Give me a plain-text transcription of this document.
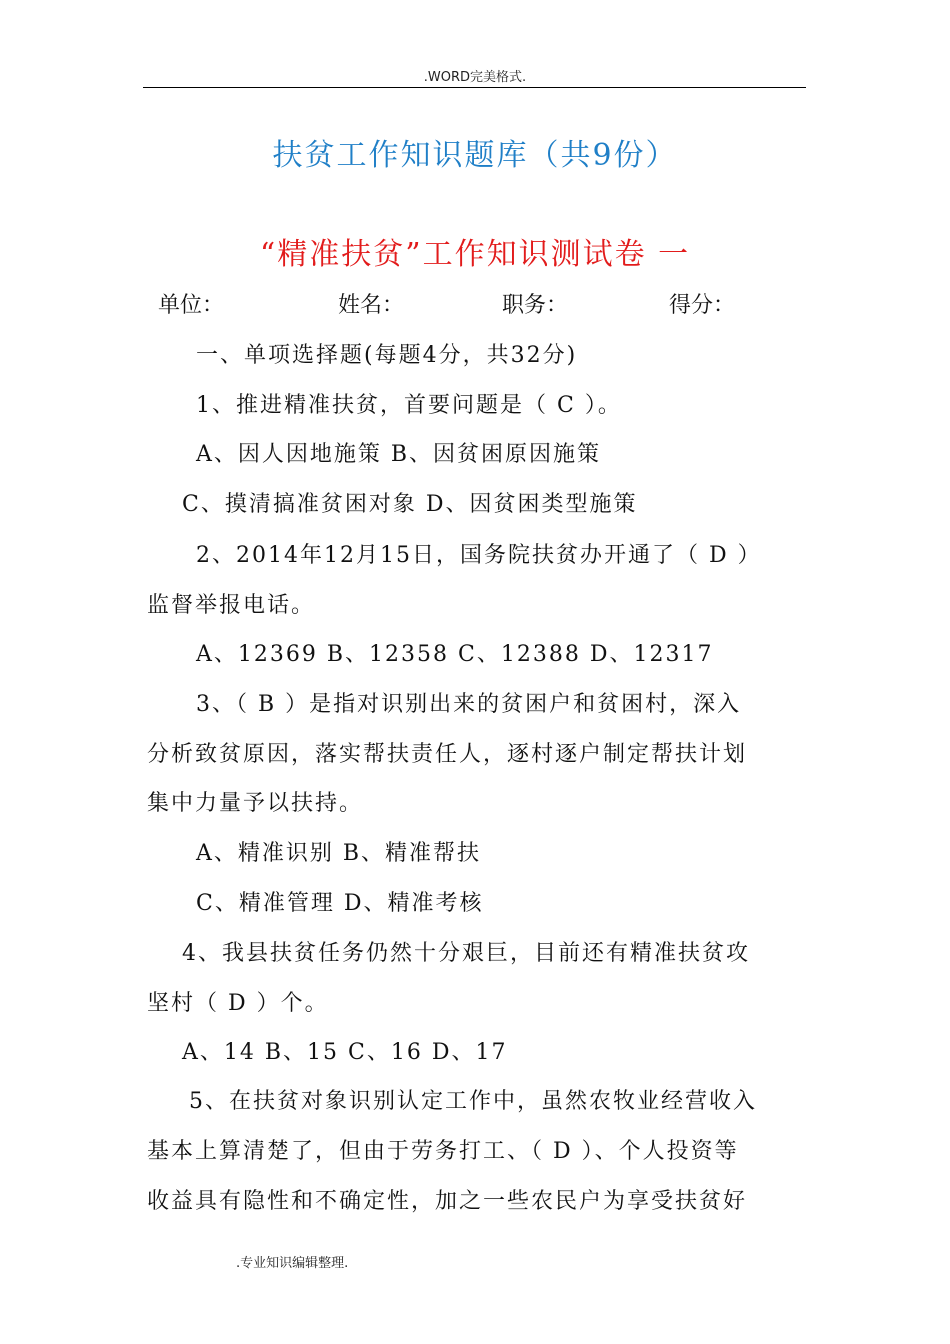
.WORD完美格式.
扶贫工作知识题库（共9份）
“精准扶贫”工作知识测试卷 一
单位：	姓名：	职务：	得分：
一、单项选择题(每题4分，共32分)
1、推进精准扶贫，首要问题是（ C ）。
A、因人因地施策 B、因贫困原因施策
C、摸清搞准贫困对象 D、因贫困类型施策
2、2014年12月15日，国务院扶贫办开通了（ D ）
监督举报电话。
A、12369 B、12358 C、12388 D、12317
3、（ B ）是指对识别出来的贫困户和贫困村，深入
分析致贫原因，落实帮扶责任人，逐村逐户制定帮扶计划
集中力量予以扶持。
A、精准识别 B、精准帮扶
C、精准管理 D、精准考核
4、我县扶贫任务仍然十分艰巨，目前还有精准扶贫攻
坚村（ D ）个。
A、14 B、15 C、16 D、17
5、在扶贫对象识别认定工作中，虽然农牧业经营收入
基本上算清楚了，但由于劳务打工、（ D ）、个人投资等
收益具有隐性和不确定性，加之一些农民户为享受扶贫好
.专业知识编辑整理.
